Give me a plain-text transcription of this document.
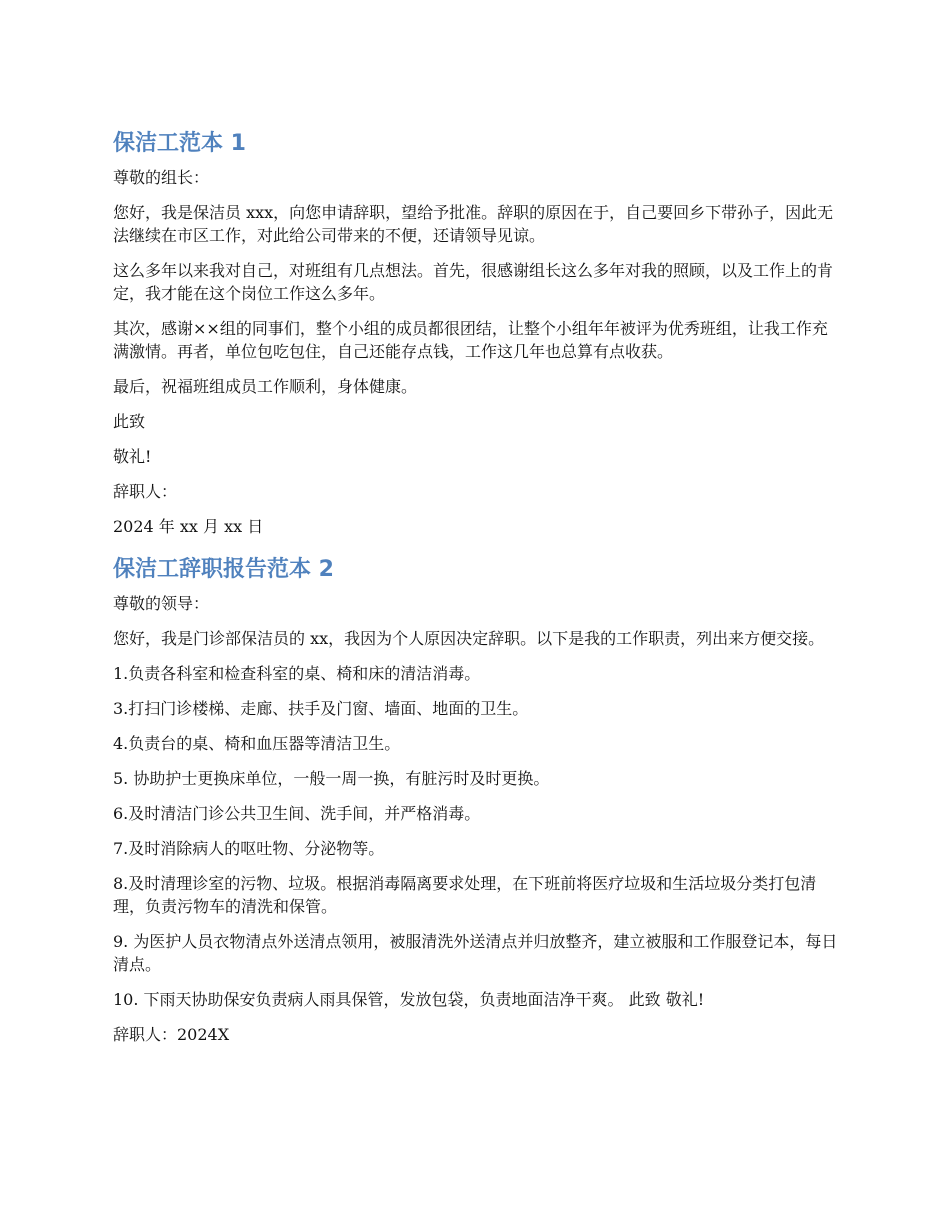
保洁工范本 1

尊敬的组长：

您好，我是保洁员 xxx，向您申请辞职，望给予批准。辞职的原因在于，自己要回乡下带孙子，因此无法继续在市区工作，对此给公司带来的不便，还请领导见谅。

这么多年以来我对自己，对班组有几点想法。首先，很感谢组长这么多年对我的照顾，以及工作上的肯定，我才能在这个岗位工作这么多年。

其次，感谢××组的同事们，整个小组的成员都很团结，让整个小组年年被评为优秀班组，让我工作充满激情。再者，单位包吃包住，自己还能存点钱，工作这几年也总算有点收获。

最后，祝福班组成员工作顺利，身体健康。

此致

敬礼!

辞职人：

2024 年 xx 月 xx 日

保洁工辞职报告范本 2

尊敬的领导：

您好，我是门诊部保洁员的 xx，我因为个人原因决定辞职。以下是我的工作职责，列出来方便交接。

1.负责各科室和检查科室的桌、椅和床的清洁消毒。

3.打扫门诊楼梯、走廊、扶手及门窗、墙面、地面的卫生。

4.负责台的桌、椅和血压器等清洁卫生。

5. 协助护士更换床单位，一般一周一换，有脏污时及时更换。

6.及时清洁门诊公共卫生间、洗手间，并严格消毒。

7.及时消除病人的呕吐物、分泌物等。

8.及时清理诊室的污物、垃圾。根据消毒隔离要求处理，在下班前将医疗垃圾和生活垃圾分类打包清理，负责污物车的清洗和保管。

9. 为医护人员衣物清点外送清点领用，被服清洗外送清点并归放整齐，建立被服和工作服登记本，每日清点。

10. 下雨天协助保安负责病人雨具保管，发放包袋，负责地面洁净干爽。 此致 敬礼!

辞职人：2024X
